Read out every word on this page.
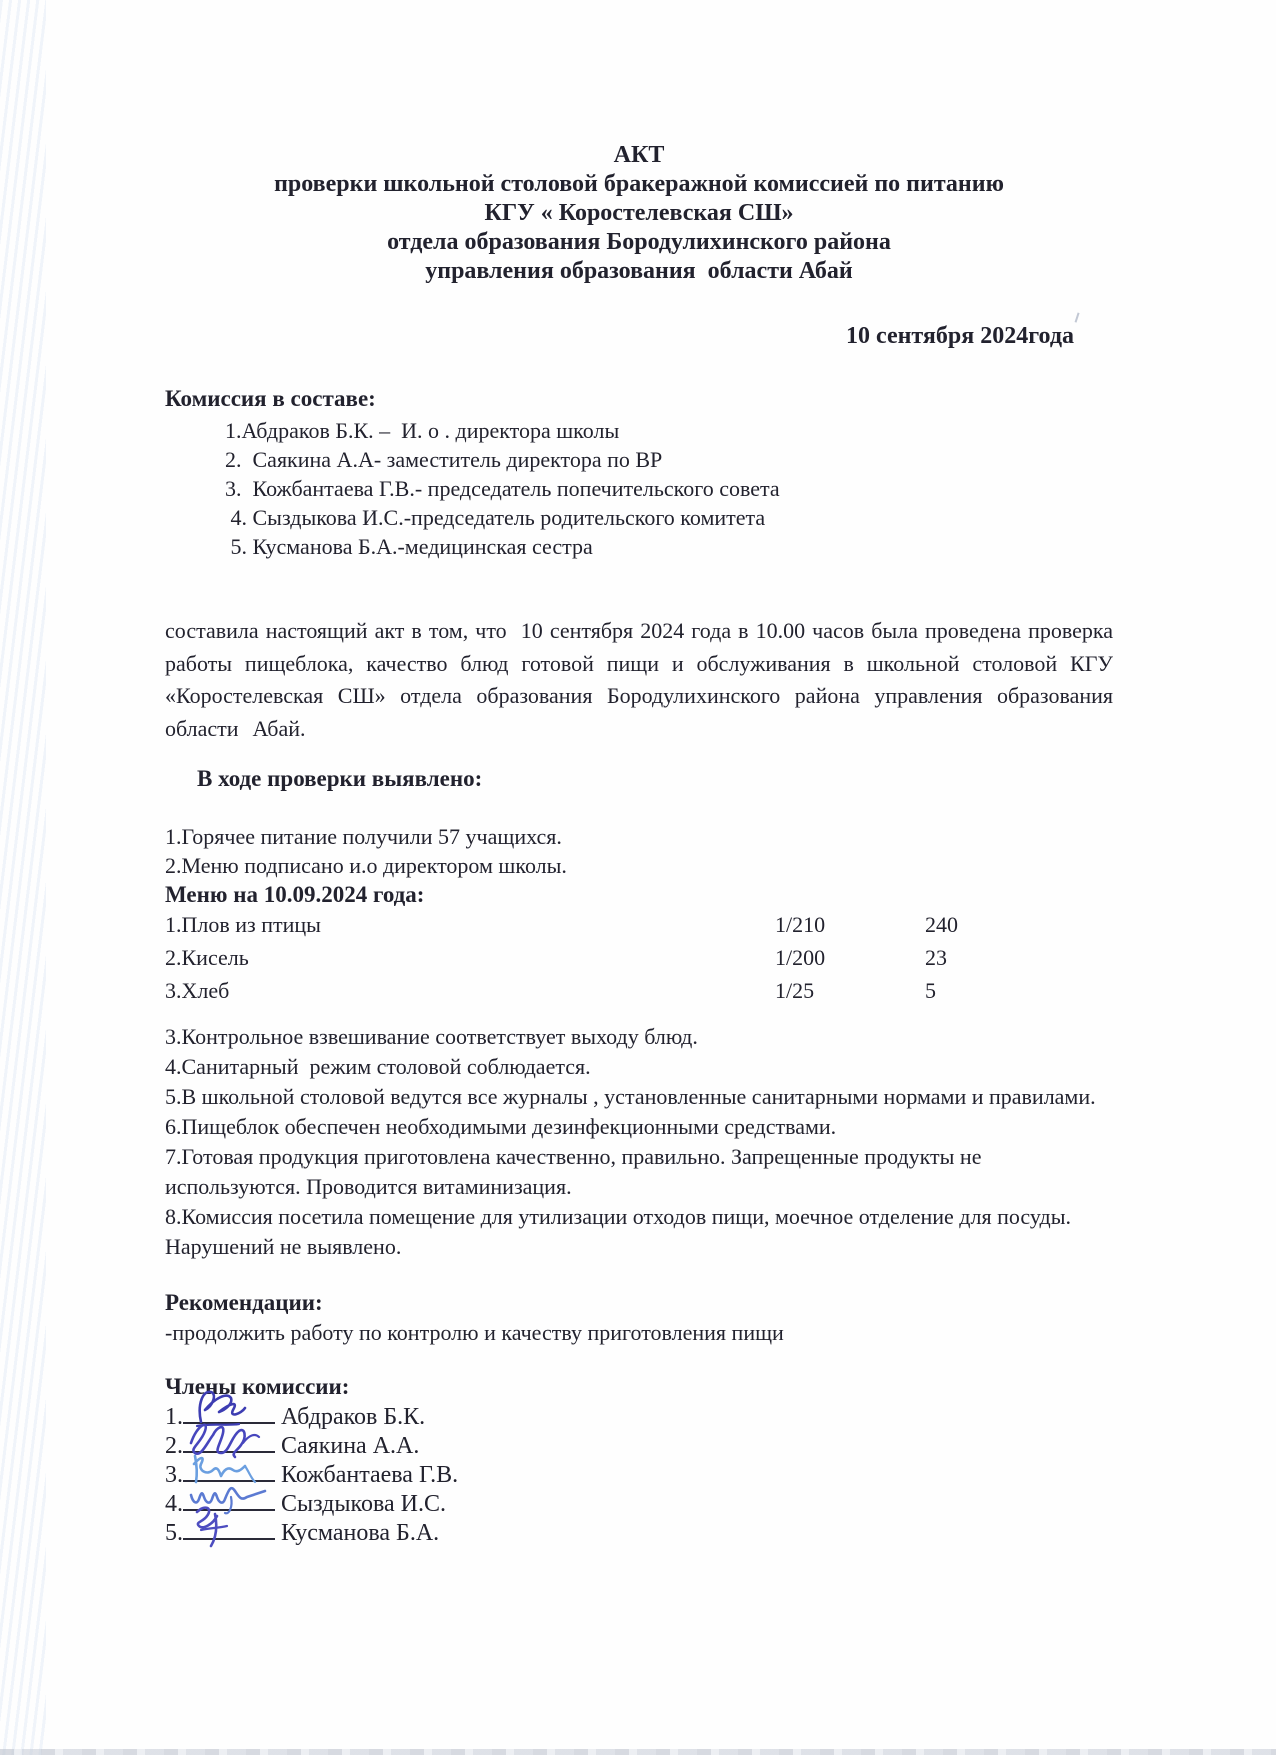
АКТ
проверки школьной столовой бракеражной комиссией по питанию
КГУ « Коростелевская СШ»
отдела образования Бородулихинского района
управления образования  области Абай
10 сентября 2024года
Комиссия в составе:
1.Абдраков Б.К. –  И. о . директора школы
2.  Саякина А.А- заместитель директора по ВР
3.  Кожбантаева Г.В.- председатель попечительского совета
4. Сыздыкова И.С.-председатель родительского комитета
5. Кусманова Б.А.-медицинская сестра
составила настоящий акт в том, что  10 сентября 2024 года в 10.00 часов была проведена проверка работы пищеблока, качество блюд готовой пищи и обслуживания в школьной столовой КГУ «Коростелевская СШ» отдела образования Бородулихинского района управления образования  области  Абай.
В ходе проверки выявлено:
1.Горячее питание получили 57 учащихся.
2.Меню подписано и.о директором школы.
Меню на 10.09.2024 года:
1.Плов из птицы	1/210	240
2.Кисель	1/200	23
3.Хлеб	1/25	5
3.Контрольное взвешивание соответствует выходу блюд.
4.Санитарный  режим столовой соблюдается.
5.В школьной столовой ведутся все журналы , установленные санитарными нормами и правилами.
6.Пищеблок обеспечен необходимыми дезинфекционными средствами.
7.Готовая продукция приготовлена качественно, правильно. Запрещенные продукты не используются. Проводится витаминизация.
8.Комиссия посетила помещение для утилизации отходов пищи, моечное отделение для посуды. Нарушений не выявлено.
Рекомендации:
-продолжить работу по контролю и качеству приготовления пищи
Члены комиссии:
1.	Абдраков Б.К.
2.	Саякина А.А.
3.	Кожбантаева Г.В.
4.	Сыздыкова И.С.
5.	Кусманова Б.А.
